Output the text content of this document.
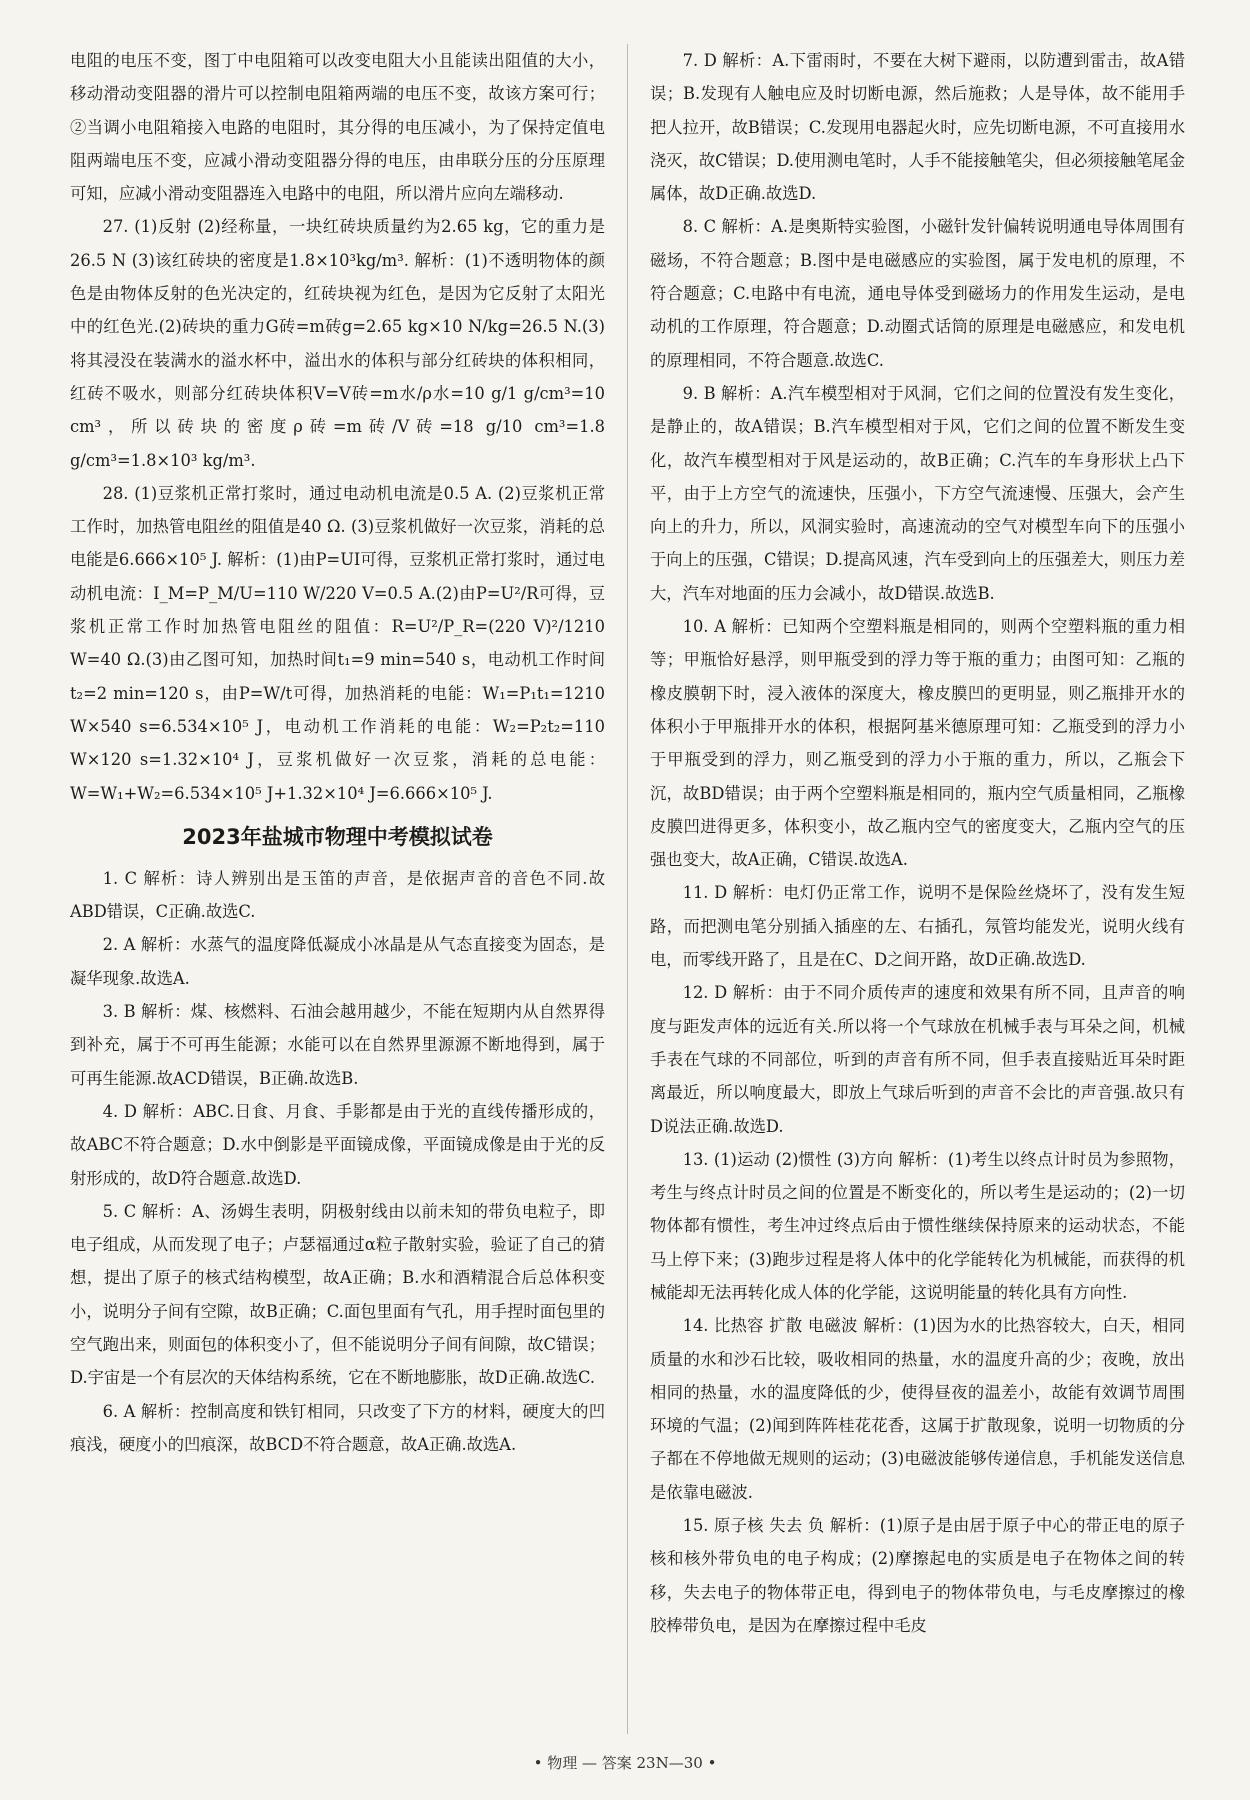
电阻的电压不变，图丁中电阻箱可以改变电阻大小且能读出阻值的大小，移动滑动变阻器的滑片可以控制电阻箱两端的电压不变，故该方案可行；②当调小电阻箱接入电路的电阻时，其分得的电压减小，为了保持定值电阻两端电压不变，应减小滑动变阻器分得的电压，由串联分压的分压原理可知，应减小滑动变阻器连入电路中的电阻，所以滑片应向左端移动.

27. (1)反射 (2)经称量，一块红砖块质量约为2.65 kg，它的重力是26.5 N (3)该红砖块的密度是1.8×10³kg/m³. 解析：(1)不透明物体的颜色是由物体反射的色光决定的，红砖块视为红色，是因为它反射了太阳光中的红色光.(2)砖块的重力G砖=m砖g=2.65 kg×10 N/kg=26.5 N.(3)将其浸没在装满水的溢水杯中，溢出水的体积与部分红砖块的体积相同，红砖不吸水，则部分红砖块体积V=V砖=m水/ρ水=10 g/1 g/cm³=10 cm³，所以砖块的密度ρ砖=m砖/V砖=18 g/10 cm³=1.8 g/cm³=1.8×10³ kg/m³.

28. (1)豆浆机正常打浆时，通过电动机电流是0.5 A. (2)豆浆机正常工作时，加热管电阻丝的阻值是40 Ω. (3)豆浆机做好一次豆浆，消耗的总电能是6.666×10⁵ J. 解析：(1)由P=UI可得，豆浆机正常打浆时，通过电动机电流：I_M=P_M/U=110 W/220 V=0.5 A.(2)由P=U²/R可得，豆浆机正常工作时加热管电阻丝的阻值：R=U²/P_R=(220 V)²/1210 W=40 Ω.(3)由乙图可知，加热时间t₁=9 min=540 s，电动机工作时间t₂=2 min=120 s，由P=W/t可得，加热消耗的电能：W₁=P₁t₁=1210 W×540 s=6.534×10⁵ J，电动机工作消耗的电能：W₂=P₂t₂=110 W×120 s=1.32×10⁴ J，豆浆机做好一次豆浆，消耗的总电能：W=W₁+W₂=6.534×10⁵ J+1.32×10⁴ J=6.666×10⁵ J.

2023年盐城市物理中考模拟试卷

1. C 解析：诗人辨别出是玉笛的声音，是依据声音的音色不同.故ABD错误，C正确.故选C.

2. A 解析：水蒸气的温度降低凝成小冰晶是从气态直接变为固态，是凝华现象.故选A.

3. B 解析：煤、核燃料、石油会越用越少，不能在短期内从自然界得到补充，属于不可再生能源；水能可以在自然界里源源不断地得到，属于可再生能源.故ACD错误，B正确.故选B.

4. D 解析：ABC.日食、月食、手影都是由于光的直线传播形成的，故ABC不符合题意；D.水中倒影是平面镜成像，平面镜成像是由于光的反射形成的，故D符合题意.故选D.

5. C 解析：A、汤姆生表明，阴极射线由以前未知的带负电粒子，即电子组成，从而发现了电子；卢瑟福通过α粒子散射实验，验证了自己的猜想，提出了原子的核式结构模型，故A正确；B.水和酒精混合后总体积变小，说明分子间有空隙，故B正确；C.面包里面有气孔，用手捏时面包里的空气跑出来，则面包的体积变小了，但不能说明分子间有间隙，故C错误；D.宇宙是一个有层次的天体结构系统，它在不断地膨胀，故D正确.故选C.

6. A 解析：控制高度和铁钉相同，只改变了下方的材料，硬度大的凹痕浅，硬度小的凹痕深，故BCD不符合题意，故A正确.故选A.

7. D 解析：A.下雷雨时，不要在大树下避雨，以防遭到雷击，故A错误；B.发现有人触电应及时切断电源，然后施救；人是导体，故不能用手把人拉开，故B错误；C.发现用电器起火时，应先切断电源，不可直接用水浇灭，故C错误；D.使用测电笔时，人手不能接触笔尖，但必须接触笔尾金属体，故D正确.故选D.

8. C 解析：A.是奥斯特实验图，小磁针发针偏转说明通电导体周围有磁场，不符合题意；B.图中是电磁感应的实验图，属于发电机的原理，不符合题意；C.电路中有电流，通电导体受到磁场力的作用发生运动，是电动机的工作原理，符合题意；D.动圈式话筒的原理是电磁感应，和发电机的原理相同，不符合题意.故选C.

9. B 解析：A.汽车模型相对于风洞，它们之间的位置没有发生变化，是静止的，故A错误；B.汽车模型相对于风，它们之间的位置不断发生变化，故汽车模型相对于风是运动的，故B正确；C.汽车的车身形状上凸下平，由于上方空气的流速快，压强小，下方空气流速慢、压强大，会产生向上的升力，所以，风洞实验时，高速流动的空气对模型车向下的压强小于向上的压强，C错误；D.提高风速，汽车受到向上的压强差大，则压力差大，汽车对地面的压力会减小，故D错误.故选B.

10. A 解析：已知两个空塑料瓶是相同的，则两个空塑料瓶的重力相等；甲瓶恰好悬浮，则甲瓶受到的浮力等于瓶的重力；由图可知：乙瓶的橡皮膜朝下时，浸入液体的深度大，橡皮膜凹的更明显，则乙瓶排开水的体积小于甲瓶排开水的体积，根据阿基米德原理可知：乙瓶受到的浮力小于甲瓶受到的浮力，则乙瓶受到的浮力小于瓶的重力，所以，乙瓶会下沉，故BD错误；由于两个空塑料瓶是相同的，瓶内空气质量相同，乙瓶橡皮膜凹进得更多，体积变小，故乙瓶内空气的密度变大，乙瓶内空气的压强也变大，故A正确，C错误.故选A.

11. D 解析：电灯仍正常工作，说明不是保险丝烧坏了，没有发生短路，而把测电笔分别插入插座的左、右插孔，氖管均能发光，说明火线有电，而零线开路了，且是在C、D之间开路，故D正确.故选D.

12. D 解析：由于不同介质传声的速度和效果有所不同，且声音的响度与距发声体的远近有关.所以将一个气球放在机械手表与耳朵之间，机械手表在气球的不同部位，听到的声音有所不同，但手表直接贴近耳朵时距离最近，所以响度最大，即放上气球后听到的声音不会比的声音强.故只有D说法正确.故选D.

13. (1)运动 (2)惯性 (3)方向 解析：(1)考生以终点计时员为参照物，考生与终点计时员之间的位置是不断变化的，所以考生是运动的；(2)一切物体都有惯性，考生冲过终点后由于惯性继续保持原来的运动状态，不能马上停下来；(3)跑步过程是将人体中的化学能转化为机械能，而获得的机械能却无法再转化成人体的化学能，这说明能量的转化具有方向性.

14. 比热容 扩散 电磁波 解析：(1)因为水的比热容较大，白天，相同质量的水和沙石比较，吸收相同的热量，水的温度升高的少；夜晚，放出相同的热量，水的温度降低的少，使得昼夜的温差小，故能有效调节周围环境的气温；(2)闻到阵阵桂花花香，这属于扩散现象，说明一切物质的分子都在不停地做无规则的运动；(3)电磁波能够传递信息，手机能发送信息是依靠电磁波.

15. 原子核 失去 负 解析：(1)原子是由居于原子中心的带正电的原子核和核外带负电的电子构成；(2)摩擦起电的实质是电子在物体之间的转移，失去电子的物体带正电，得到电子的物体带负电，与毛皮摩擦过的橡胶棒带负电，是因为在摩擦过程中毛皮

• 物理 — 答案 23N—30 •
